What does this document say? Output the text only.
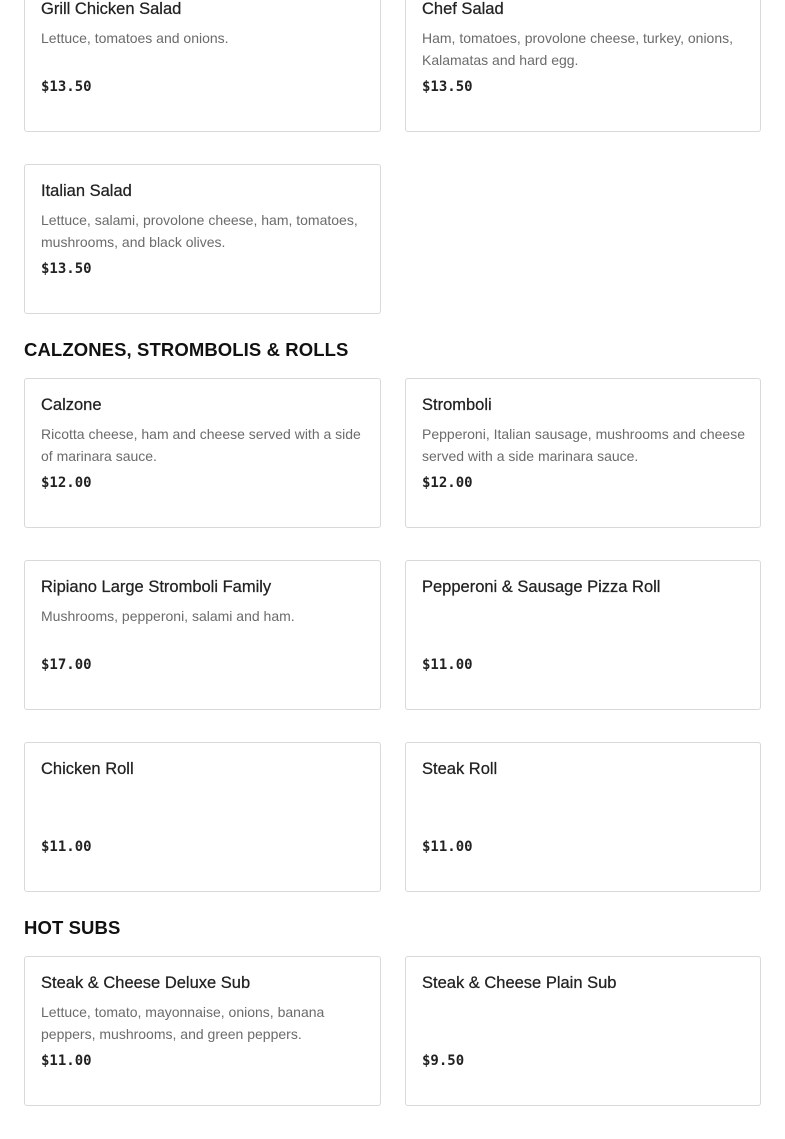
Grill Chicken Salad
Lettuce, tomatoes and onions.
$13.50
Chef Salad
Ham, tomatoes, provolone cheese, turkey, onions, Kalamatas and hard egg.
$13.50
Italian Salad
Lettuce, salami, provolone cheese, ham, tomatoes, mushrooms, and black olives.
$13.50
CALZONES, STROMBOLIS & ROLLS
Calzone
Ricotta cheese, ham and cheese served with a side of marinara sauce.
$12.00
Stromboli
Pepperoni, Italian sausage, mushrooms and cheese served with a side marinara sauce.
$12.00
Ripiano Large Stromboli Family
Mushrooms, pepperoni, salami and ham.
$17.00
Pepperoni & Sausage Pizza Roll
$11.00
Chicken Roll
$11.00
Steak Roll
$11.00
HOT SUBS
Steak & Cheese Deluxe Sub
Lettuce, tomato, mayonnaise, onions, banana peppers, mushrooms, and green peppers.
$11.00
Steak & Cheese Plain Sub
$9.50
